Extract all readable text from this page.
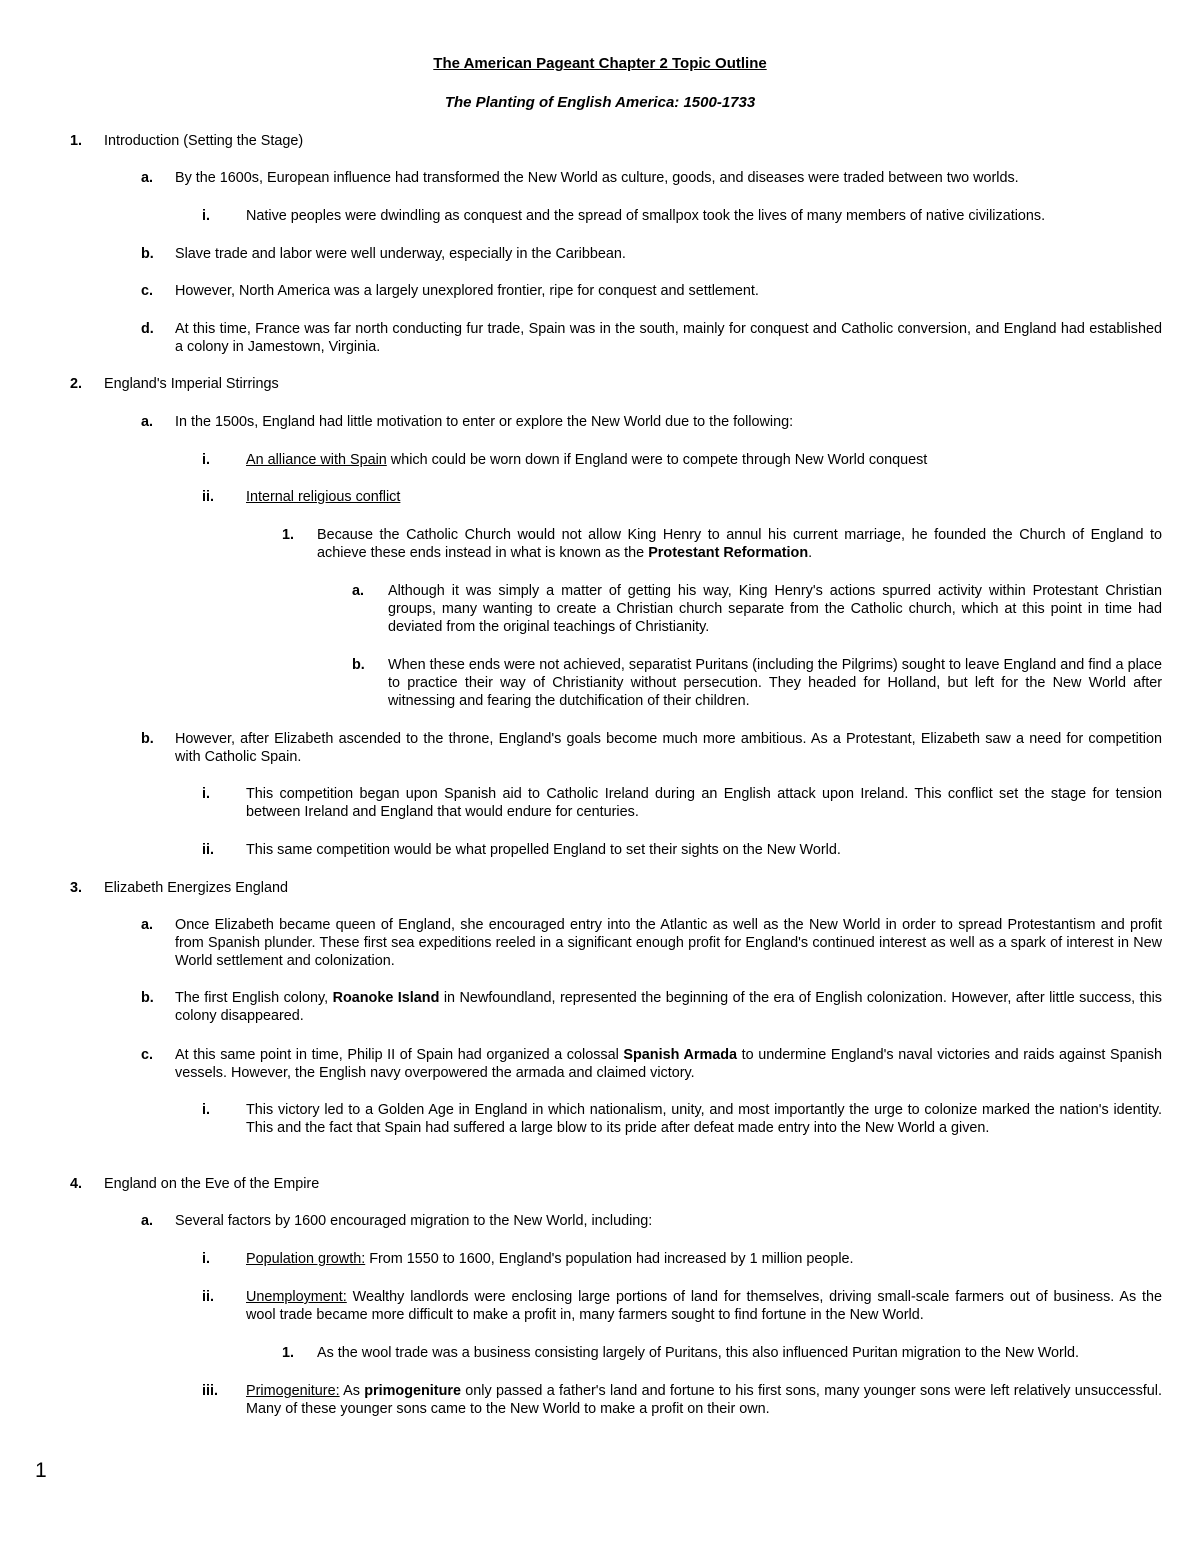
The American Pageant Chapter 2 Topic Outline
The Planting of English America: 1500-1733
1. Introduction (Setting the Stage)
a. By the 1600s, European influence had transformed the New World as culture, goods, and diseases were traded between two worlds.
i.	Native peoples were dwindling as conquest and the spread of smallpox took the lives of many members of native civilizations.
b. Slave trade and labor were well underway, especially in the Caribbean.
c. However, North America was a largely unexplored frontier, ripe for conquest and settlement.
d. At this time, France was far north conducting fur trade, Spain was in the south, mainly for conquest and Catholic conversion, and England had established a colony in Jamestown, Virginia.
2. England's Imperial Stirrings
a. In the 1500s, England had little motivation to enter or explore the New World due to the following:
i.	An alliance with Spain which could be worn down if England were to compete through New World conquest
ii. Internal religious conflict
1. Because the Catholic Church would not allow King Henry to annul his current marriage, he founded the Church of England to achieve these ends instead in what is known as the Protestant Reformation.
a. Although it was simply a matter of getting his way, King Henry's actions spurred activity within Protestant Christian groups, many wanting to create a Christian church separate from the Catholic church, which at this point in time had deviated from the original teachings of Christianity.
b. When these ends were not achieved, separatist Puritans (including the Pilgrims) sought to leave England and find a place to practice their way of Christianity without persecution. They headed for Holland, but left for the New World after witnessing and fearing the dutchification of their children.
b. However, after Elizabeth ascended to the throne, England's goals become much more ambitious. As a Protestant, Elizabeth saw a need for competition with Catholic Spain.
i.	This competition began upon Spanish aid to Catholic Ireland during an English attack upon Ireland. This conflict set the stage for tension between Ireland and England that would endure for centuries.
ii. This same competition would be what propelled England to set their sights on the New World.
3. Elizabeth Energizes England
a. Once Elizabeth became queen of England, she encouraged entry into the Atlantic as well as the New World in order to spread Protestantism and profit from Spanish plunder. These first sea expeditions reeled in a significant enough profit for England's continued interest as well as a spark of interest in New World settlement and colonization.
b. The first English colony, Roanoke Island in Newfoundland, represented the beginning of the era of English colonization. However, after little success, this colony disappeared.
c. At this same point in time, Philip II of Spain had organized a colossal Spanish Armada to undermine England's naval victories and raids against Spanish vessels. However, the English navy overpowered the armada and claimed victory.
i.	This victory led to a Golden Age in England in which nationalism, unity, and most importantly the urge to colonize marked the nation's identity. This and the fact that Spain had suffered a large blow to its pride after defeat made entry into the New World a given.
4. England on the Eve of the Empire
a. Several factors by 1600 encouraged migration to the New World, including:
i.	Population growth: From 1550 to 1600, England's population had increased by 1 million people.
ii. Unemployment: Wealthy landlords were enclosing large portions of land for themselves, driving small-scale farmers out of business. As the wool trade became more difficult to make a profit in, many farmers sought to find fortune in the New World.
1. As the wool trade was a business consisting largely of Puritans, this also influenced Puritan migration to the New World.
iii. Primogeniture: As primogeniture only passed a father's land and fortune to his first sons, many younger sons were left relatively unsuccessful. Many of these younger sons came to the New World to make a profit on their own.
1
